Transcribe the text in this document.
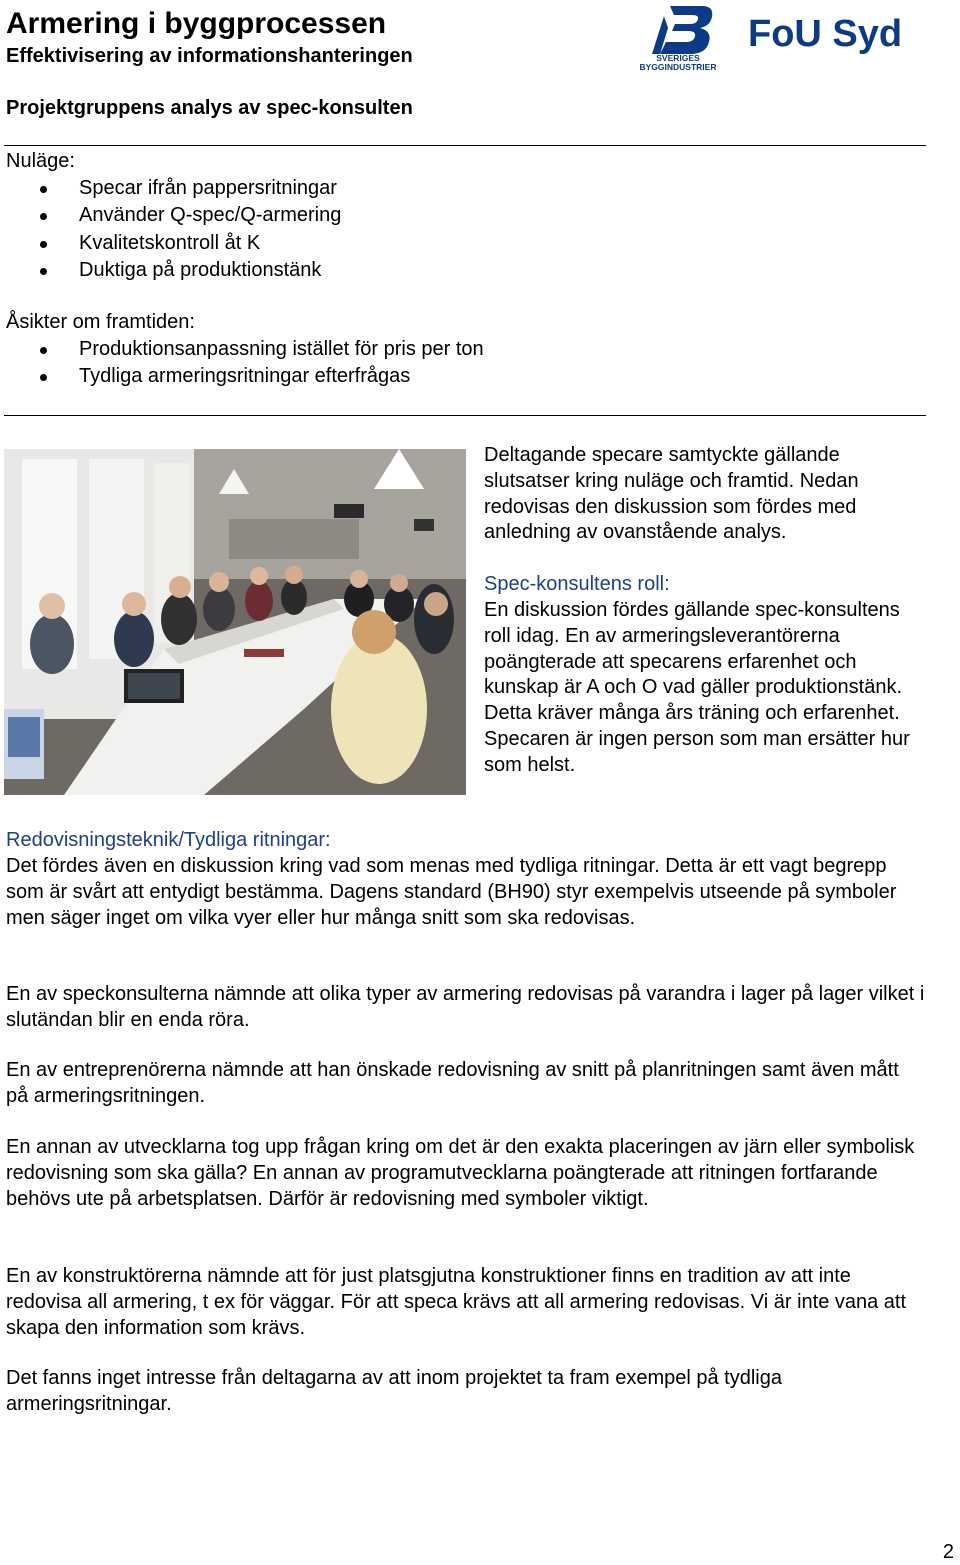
Armering i byggprocessen
Effektivisering av informationshanteringen	SVERIGES
BYGGINDUSTRIER
FoU Syd
Projektgruppens analys av spec-konsulten
Nuläge:
Specar ifrån pappersritningar
Använder Q-spec/Q-armering
Kvalitetskontroll åt K
Duktiga på produktionstänk
Åsikter om framtiden:
Produktionsanpassning istället för pris per ton
Tydliga armeringsritningar efterfrågas
Deltagande specare samtyckte gällande slutsatser kring nuläge och framtid. Nedan redovisas den diskussion som fördes med anledning av ovanstående analys.
Spec-konsultens roll:
En diskussion fördes gällande spec-konsultens roll idag. En av armeringsleverantörerna poängterade att specarens erfarenhet och kunskap är A och O vad gäller produktionstänk. Detta kräver många års träning och erfarenhet. Specaren är ingen person som man ersätter hur som helst.
Redovisningsteknik/Tydliga ritningar:

Det fördes även en diskussion kring vad som menas med tydliga ritningar. Detta är ett vagt begrepp som är svårt att entydigt bestämma. Dagens standard (BH90) styr exempelvis utseende på symboler men säger inget om vilka vyer eller hur många snitt som ska redovisas.

En av speckonsulterna nämnde att olika typer av armering redovisas på varandra i lager på lager vilket i slutändan blir en enda röra.

En av entreprenörerna nämnde att han önskade redovisning av snitt på planritningen samt även mått på armeringsritningen.

En annan av utvecklarna tog upp frågan kring om det är den exakta placeringen av järn eller symbolisk redovisning som ska gälla? En annan av programutvecklarna poängterade att ritningen fortfarande behövs ute på arbetsplatsen. Därför är redovisning med symboler viktigt.

En av konstruktörerna nämnde att för just platsgjutna konstruktioner finns en tradition av att inte redovisa all armering, t ex för väggar. För att speca krävs att all armering redovisas. Vi är inte vana att skapa den information som krävs.

Det fanns inget intresse från deltagarna av att inom projektet ta fram exempel på tydliga armeringsritningar.

2
